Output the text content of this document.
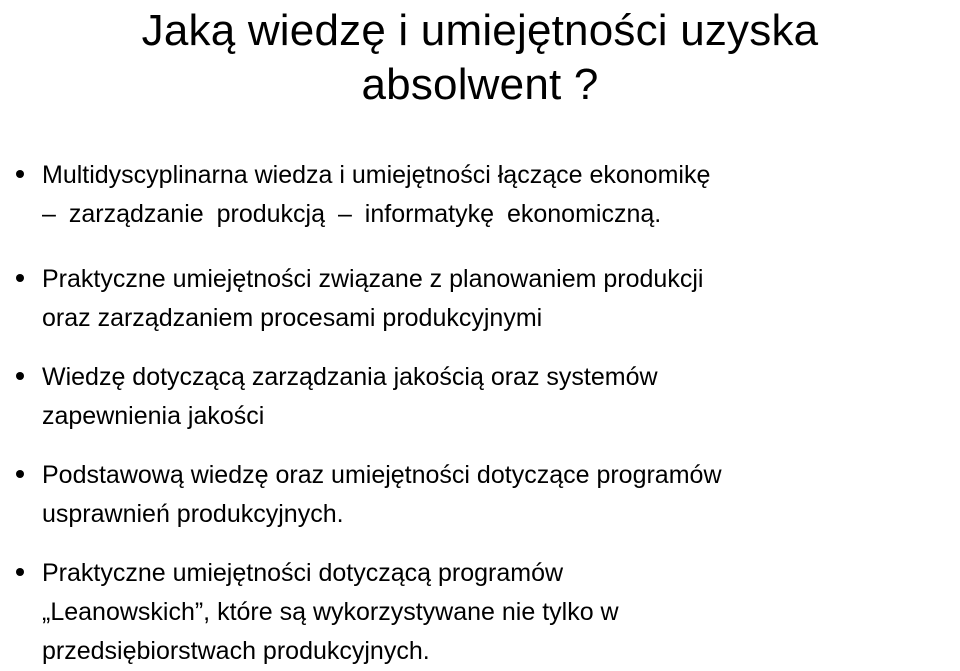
Jaką wiedzę i umiejętności uzyska
absolwent ?
Multidyscyplinarna wiedza i umiejętności łączące ekonomikę
– zarządzanie produkcją – informatykę ekonomiczną.
Praktyczne umiejętności związane z planowaniem produkcji
oraz zarządzaniem procesami produkcyjnymi
Wiedzę dotyczącą zarządzania jakością oraz systemów
zapewnienia jakości
Podstawową wiedzę oraz umiejętności dotyczące programów
usprawnień produkcyjnych.
Praktyczne umiejętności dotyczącą programów
„Leanowskich”, które są wykorzystywane nie tylko w
przedsiębiorstwach produkcyjnych.
